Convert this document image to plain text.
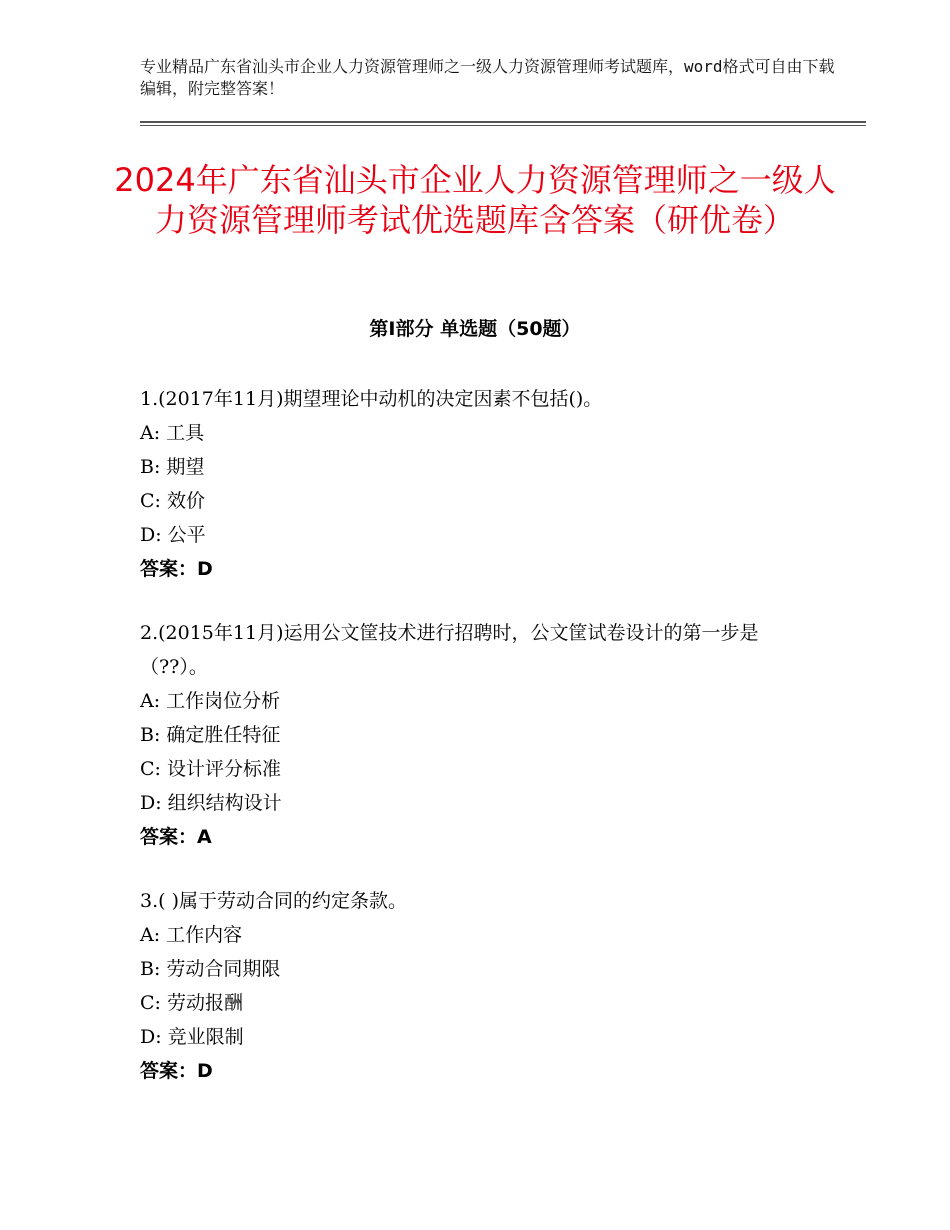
专业精品广东省汕头市企业人力资源管理师之一级人力资源管理师考试题库，word格式可自由下载编辑，附完整答案！
2024年广东省汕头市企业人力资源管理师之一级人力资源管理师考试优选题库含答案（研优卷）
第Ⅰ部分 单选题（50题）
1.(2017年11月)期望理论中动机的决定因素不包括()。
A: 工具
B: 期望
C: 效价
D: 公平
答案：D
2.(2015年11月)运用公文筐技术进行招聘时，公文筐试卷设计的第一步是（??）。
A: 工作岗位分析
B: 确定胜任特征
C: 设计评分标准
D: 组织结构设计
答案：A
3.( )属于劳动合同的约定条款。
A: 工作内容
B: 劳动合同期限
C: 劳动报酬
D: 竞业限制
答案：D
